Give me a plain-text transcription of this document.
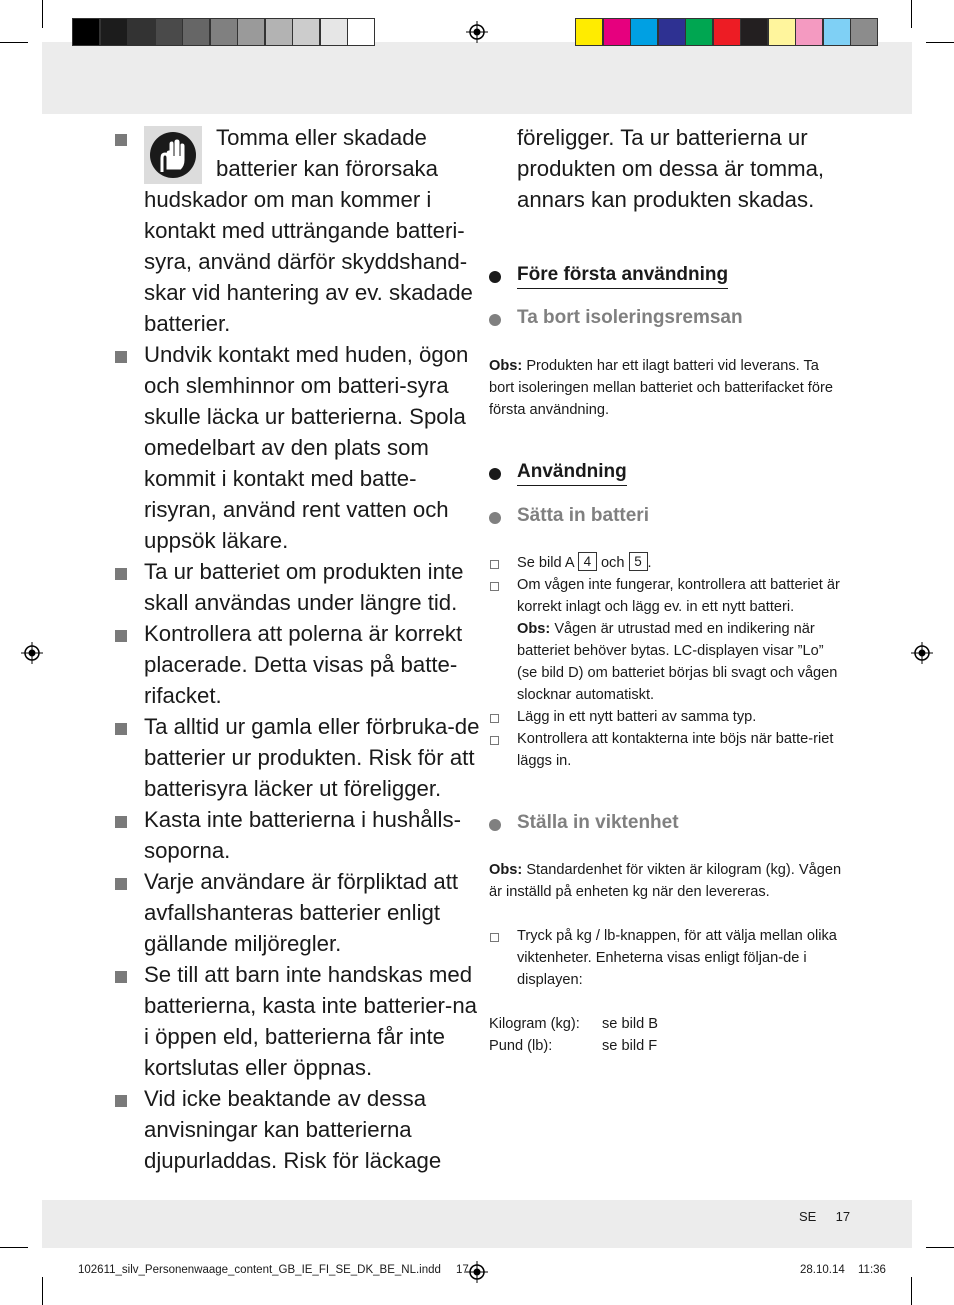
Tomma eller skadade batterier kan förorsaka hudskador om man kommer i kontakt med utträngande batteri-syra, använd därför skyddshand-skar vid hantering av ev. skadade batterier.
Undvik kontakt med huden, ögon och slemhinnor om batteri-syra skulle läcka ur batterierna. Spola omedelbart av den plats som kommit i kontakt med batte-risyran, använd rent vatten och uppsök läkare.
Ta ur batteriet om produkten inte skall användas under längre tid.
Kontrollera att polerna är korrekt placerade. Detta visas på batte-rifacket.
Ta alltid ur gamla eller förbruka-de batterier ur produkten. Risk för att batterisyra läcker ut föreligger.
Kasta inte batterierna i hushålls-soporna.
Varje användare är förpliktad att avfallshanteras batterier enligt gällande miljöregler.
Se till att barn inte handskas med batterierna, kasta inte batterier-na i öppen eld, batterierna får inte kortslutas eller öppnas.
Vid icke beaktande av dessa anvisningar kan batterierna djupurladdas. Risk för läckage
föreligger. Ta ur batterierna ur produkten om dessa är tomma, annars kan produkten skadas.
Före första användning
Ta bort isoleringsremsan
Obs: Produkten har ett ilagt batteri vid leverans. Ta bort isoleringen mellan batteriet och batterifacket före första användning.
Användning
Sätta in batteri
Se bild A 4 och 5 .
Om vågen inte fungerar, kontrollera att batteriet är korrekt inlagt och lägg ev. in ett nytt batteri.
Obs: Vågen är utrustad med en indikering när batteriet behöver bytas. LC-displayen visar ”Lo” (se bild D) om batteriet börjas bli svagt och vågen slocknar automatiskt.
Lägg in ett nytt batteri av samma typ.
Kontrollera att kontakterna inte böjs när batte-riet läggs in.
Ställa in viktenhet
Obs: Standardenhet för vikten är kilogram (kg). Vågen är inställd på enheten kg när den levereras.
Tryck på kg / lb-knappen, för att välja mellan olika viktenheter. Enheterna visas enligt följan-de i displayen:
Kilogram (kg): se bild B
Pund (lb):	se bild F
SE 17
102611_silv_Personenwaage_content_GB_IE_FI_SE_DK_BE_NL.indd 17	28.10.14 11:36
